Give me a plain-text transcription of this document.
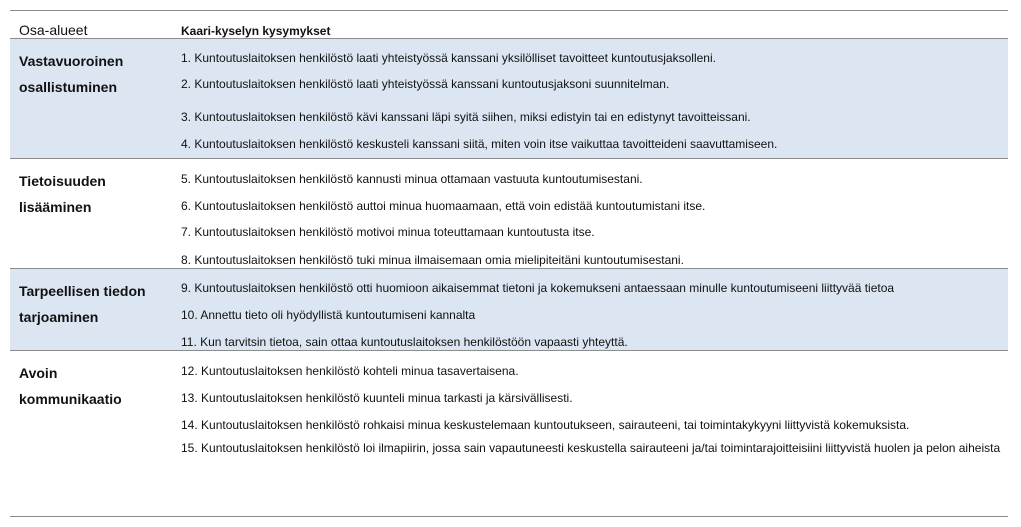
Osa-alueet	Kaari-kyselyn kysymykset
Vastavuoroinen
osallistuminen
1. Kuntoutuslaitoksen henkilöstö laati yhteistyössä kanssani yksilölliset tavoitteet kuntoutusjaksolleni.
2. Kuntoutuslaitoksen henkilöstö laati yhteistyössä kanssani kuntoutusjaksoni suunnitelman.
3. Kuntoutuslaitoksen henkilöstö kävi kanssani läpi syitä siihen, miksi edistyin tai en edistynyt tavoitteissani.
4. Kuntoutuslaitoksen henkilöstö keskusteli kanssani siitä, miten voin itse vaikuttaa tavoitteideni saavuttamiseen.
Tietoisuuden
lisääminen
5. Kuntoutuslaitoksen henkilöstö kannusti minua ottamaan vastuuta kuntoutumisestani.
6. Kuntoutuslaitoksen henkilöstö auttoi minua huomaamaan, että voin edistää kuntoutumistani itse.
7. Kuntoutuslaitoksen henkilöstö motivoi minua toteuttamaan kuntoutusta itse.
8. Kuntoutuslaitoksen henkilöstö tuki minua ilmaisemaan omia mielipiteitäni kuntoutumisestani.
Tarpeellisen tiedon
tarjoaminen
9. Kuntoutuslaitoksen henkilöstö otti huomioon aikaisemmat tietoni ja kokemukseni antaessaan minulle kuntoutumiseeni liittyvää tietoa
10. Annettu tieto oli hyödyllistä kuntoutumiseni kannalta
11. Kun tarvitsin tietoa, sain ottaa kuntoutuslaitoksen henkilöstöön vapaasti yhteyttä.
Avoin
kommunikaatio
12. Kuntoutuslaitoksen henkilöstö kohteli minua tasavertaisena.
13. Kuntoutuslaitoksen henkilöstö kuunteli minua tarkasti ja kärsivällisesti.
14. Kuntoutuslaitoksen henkilöstö rohkaisi minua keskustelemaan kuntoutukseen, sairauteeni, tai toimintakykyyni liittyvistä kokemuksista.
15. Kuntoutuslaitoksen henkilöstö loi ilmapiirin, jossa sain vapautuneesti keskustella sairauteeni ja/tai toimintarajoitteisiini liittyvistä huolen ja pelon aiheista
